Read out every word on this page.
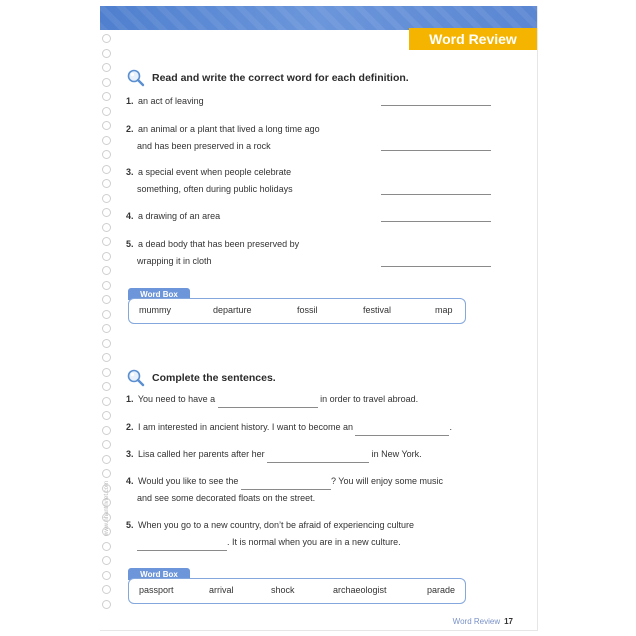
Word Review
www.nhantriviet.com
Read and write the correct word for each definition.
1. an act of leaving
2. an animal or a plant that lived a long time ago
and has been preserved in a rock
3. a special event when people celebrate
something, often during public holidays
4. a drawing of an area
5. a dead body that has been preserved by
wrapping it in cloth
Word Box
mummy	departure	fossil	festival	map
Complete the sentences.
1. You need to have a	in order to travel abroad.
2. I am interested in ancient history. I want to become an	.
3. Lisa called her parents after her	in New York.
4. Would you like to see the	? You will enjoy some music
and see some decorated floats on the street.
5. When you go to a new country, don’t be afraid of experiencing culture
. It is normal when you are in a new culture.
Word Box
passport	arrival	shock	archaeologist	parade
Word Review 17
